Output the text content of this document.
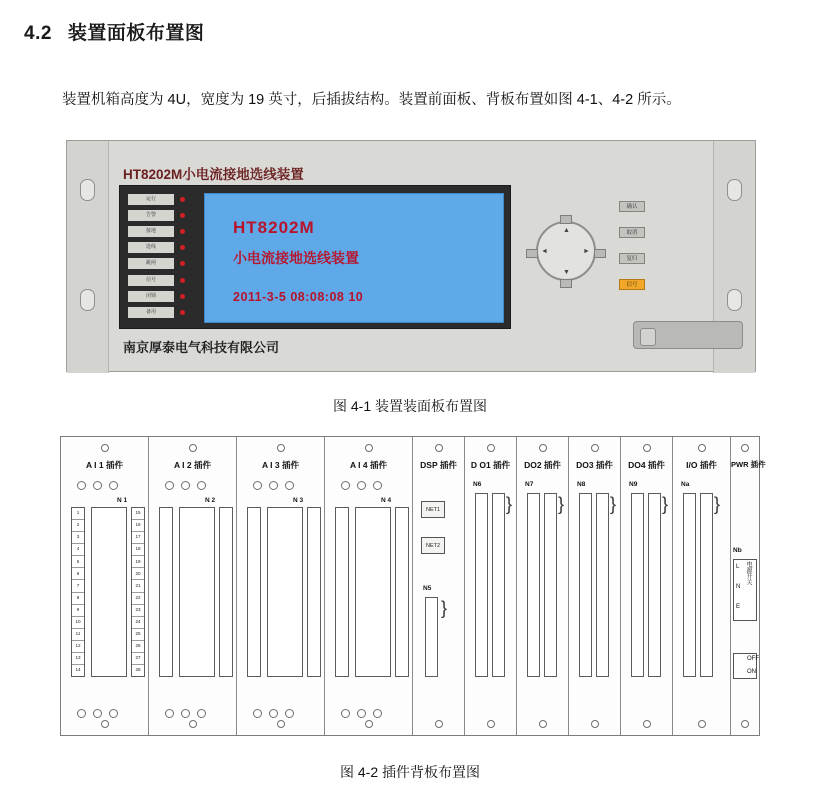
4.2 装置面板布置图
装置机箱高度为 4U，宽度为 19 英寸，后插拔结构。装置前面板、背板布置如图 4-1、4-2 所示。
HT8202M小电流接地选线装置
南京厚泰电气科技有限公司
运行
告警
接地
选线
跳闸
信号
闭锁
备用
HT8202M
小电流接地选线装置
2011-3-5 08:08:08 10
▲
▼
◄	►
确认
取消
复归
信号
图 4-1 装置装面板布置图
A I 1 插件
N 1
1
2
3
4
5
6
7
8
9
10
11
12
13
14
15
16
17
18
19
20
21
22
23
24
25
26
27
28
A I 2 插件
N 2
A I 3 插件
N 3
A I 4 插件
N 4
DSP 插件
NET1
NET2
N5
}
D O1 插件
N6
}
DO2 插件
N7
}
DO3 插件
N8
}
DO4 插件
N9
}
I/O 插件
Na
}
PWR 插件
Nb
L
N
E
电源开关
OFF
ON
图 4-2 插件背板布置图
